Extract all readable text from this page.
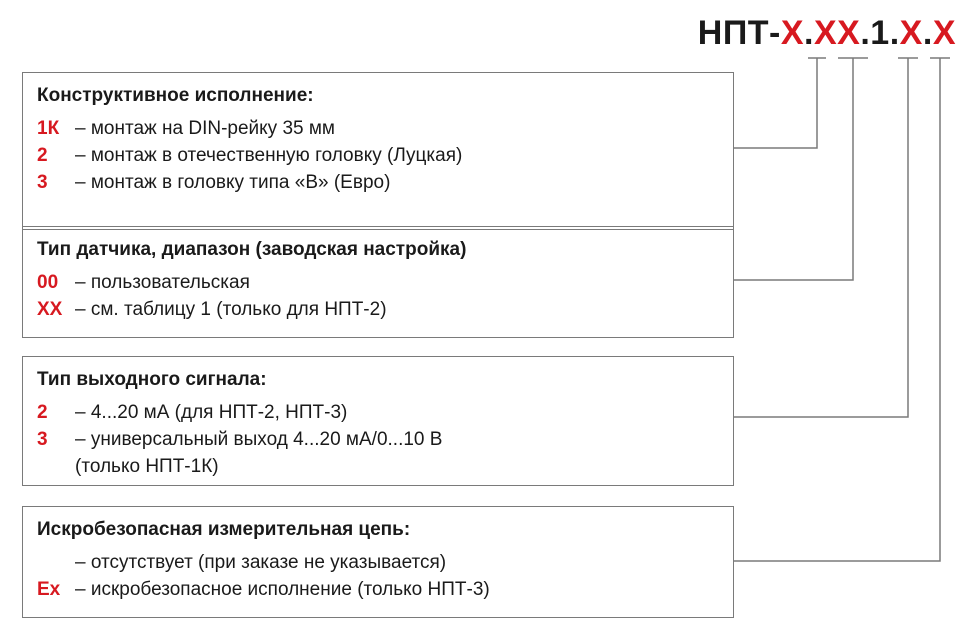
НПТ-Х.ХХ.1.Х.Х
Конструктивное исполнение:
1К – монтаж на DIN-рейку 35 мм
2 – монтаж в отечественную головку (Луцкая)
3 – монтаж в головку типа «В» (Евро)
Тип датчика, диапазон (заводская настройка)
00 – пользовательская
XX – см. таблицу 1 (только для НПТ-2)
Тип выходного сигнала:
2 – 4...20 мА (для НПТ-2, НПТ-3)
3 – универсальный выход 4...20 мА/0...10 В
(только НПТ-1К)
Искробезопасная измерительная цепь:
– отсутствует (при заказе не указывается)
Ex – искробезопасное исполнение (только НПТ-3)
